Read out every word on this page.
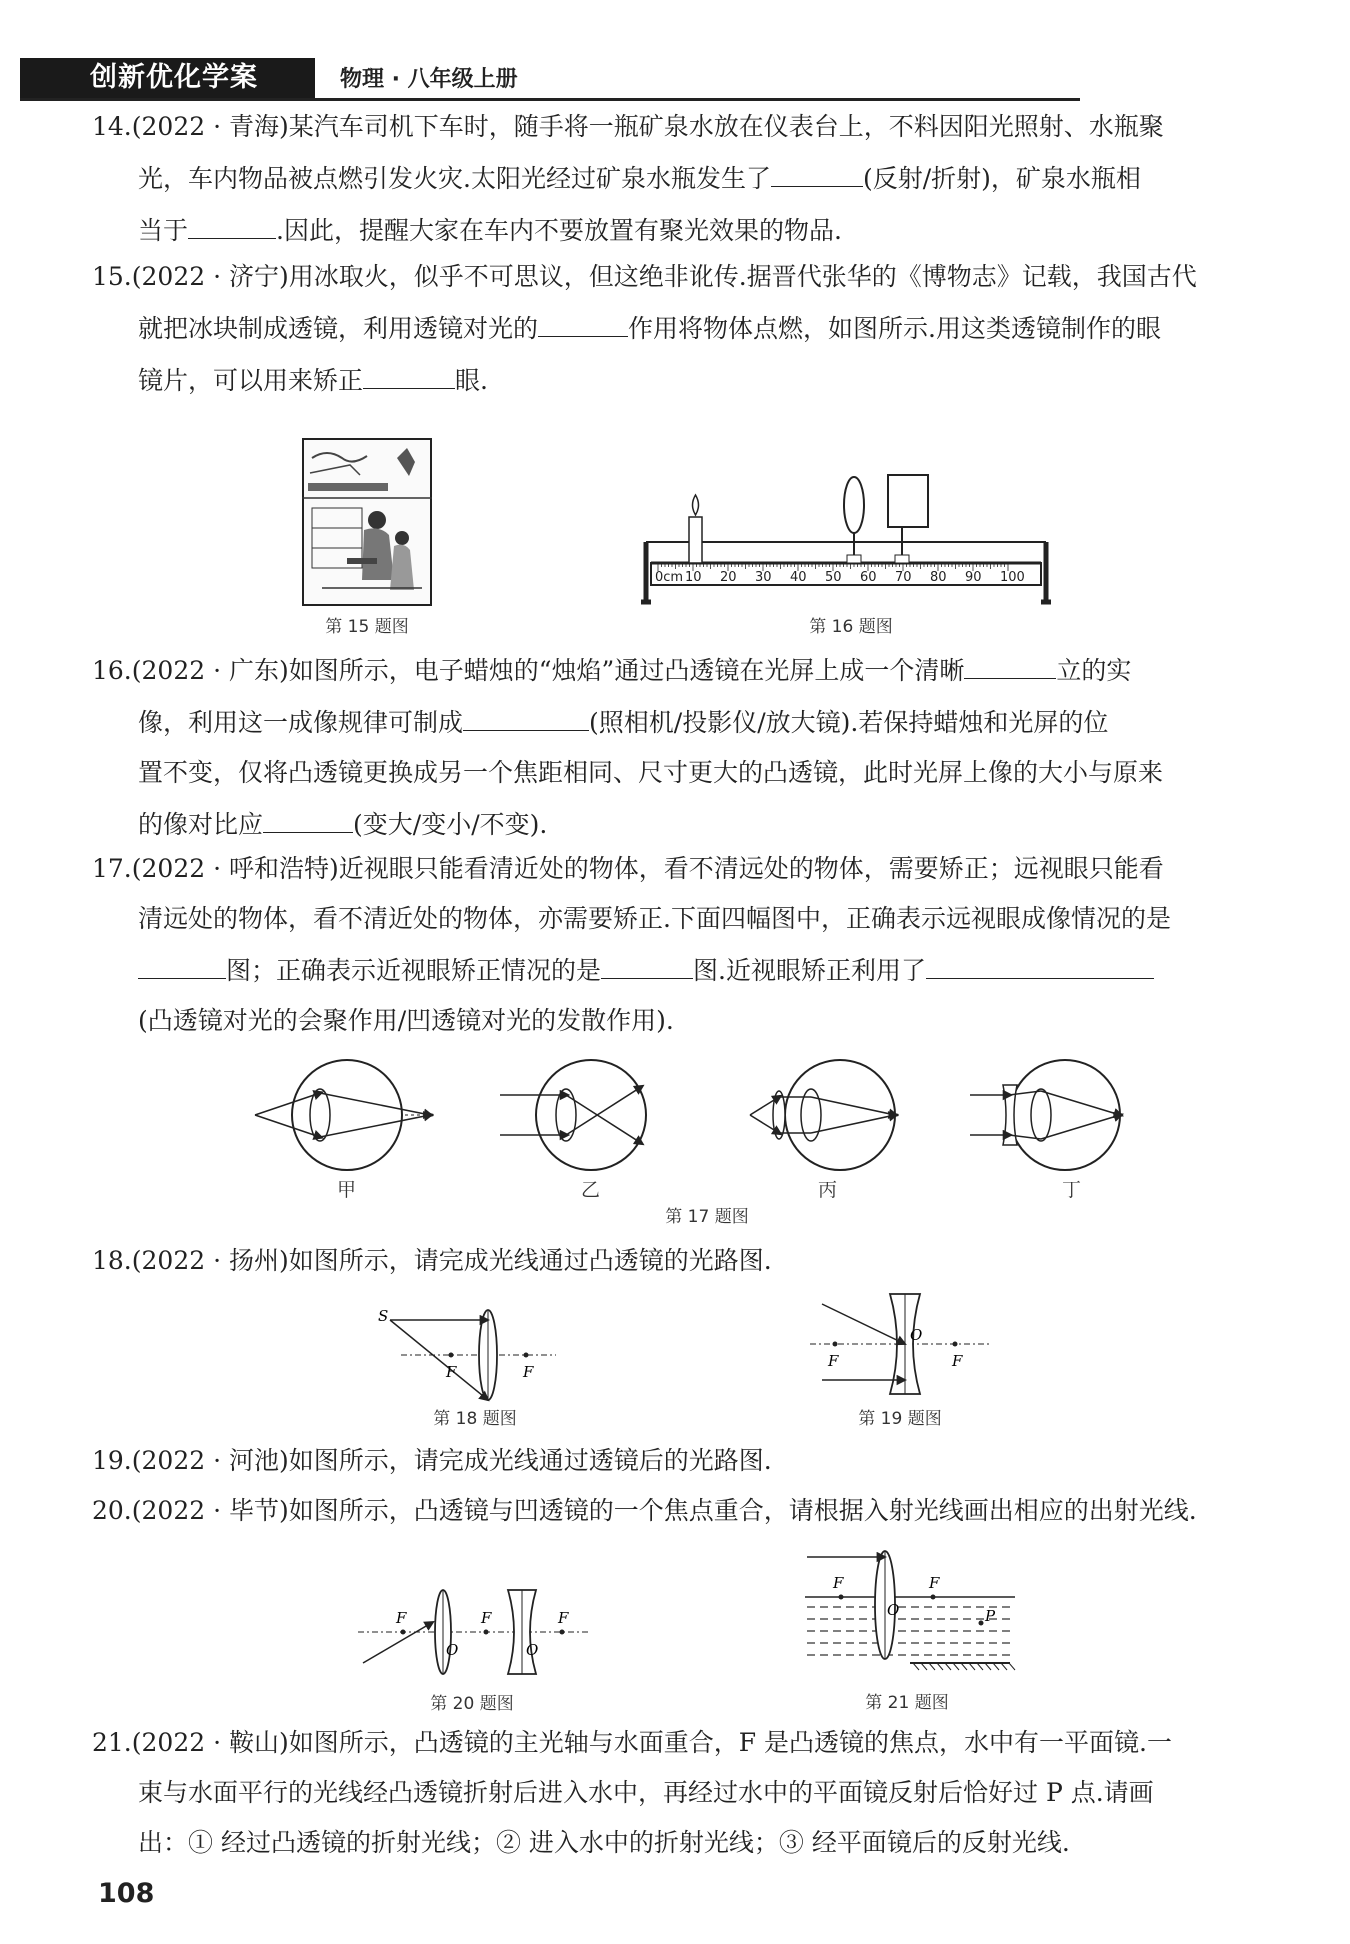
创新优化学案	物理 · 八年级上册

14.(2022 · 青海)某汽车司机下车时，随手将一瓶矿泉水放在仪表台上，不料因阳光照射、水瓶聚

光，车内物品被点燃引发火灾.太阳光经过矿泉水瓶发生了	(反射/折射)，矿泉水瓶相

当于	.因此，提醒大家在车内不要放置有聚光效果的物品.

15.(2022 · 济宁)用冰取火，似乎不可思议，但这绝非讹传.据晋代张华的《博物志》记载，我国古代

就把冰块制成透镜，利用透镜对光的	作用将物体点燃，如图所示.用这类透镜制作的眼

镜片，可以用来矫正	眼.

第 15 题图
0cm 10 20 30 40 50 60 70 80 90 100
第 16 题图

16.(2022 · 广东)如图所示，电子蜡烛的“烛焰”通过凸透镜在光屏上成一个清晰	立的实

像，利用这一成像规律可制成	(照相机/投影仪/放大镜).若保持蜡烛和光屏的位

置不变，仅将凸透镜更换成另一个焦距相同、尺寸更大的凸透镜，此时光屏上像的大小与原来

的像对比应	(变大/变小/不变).

17.(2022 · 呼和浩特)近视眼只能看清近处的物体，看不清远处的物体，需要矫正；远视眼只能看

清远处的物体，看不清近处的物体，亦需要矫正.下面四幅图中，正确表示远视眼成像情况的是

图；正确表示近视眼矫正情况的是	图.近视眼矫正利用了

(凸透镜对光的会聚作用/凹透镜对光的发散作用).

甲	乙	丙	丁
第 17 题图

18.(2022 · 扬州)如图所示，请完成光线通过凸透镜的光路图.

S
F	F
第 18 题图
F	F
O
第 19 题图

19.(2022 · 河池)如图所示，请完成光线通过透镜后的光路图.

20.(2022 · 毕节)如图所示，凸透镜与凹透镜的一个焦点重合，请根据入射光线画出相应的出射光线.

F	F	F
O	O
第 20 题图
F	F
O	P
第 21 题图

21.(2022 · 鞍山)如图所示，凸透镜的主光轴与水面重合，F 是凸透镜的焦点，水中有一平面镜.一

束与水面平行的光线经凸透镜折射后进入水中，再经过水中的平面镜反射后恰好过 P 点.请画

出：① 经过凸透镜的折射光线；② 进入水中的折射光线；③ 经平面镜后的反射光线.

108
